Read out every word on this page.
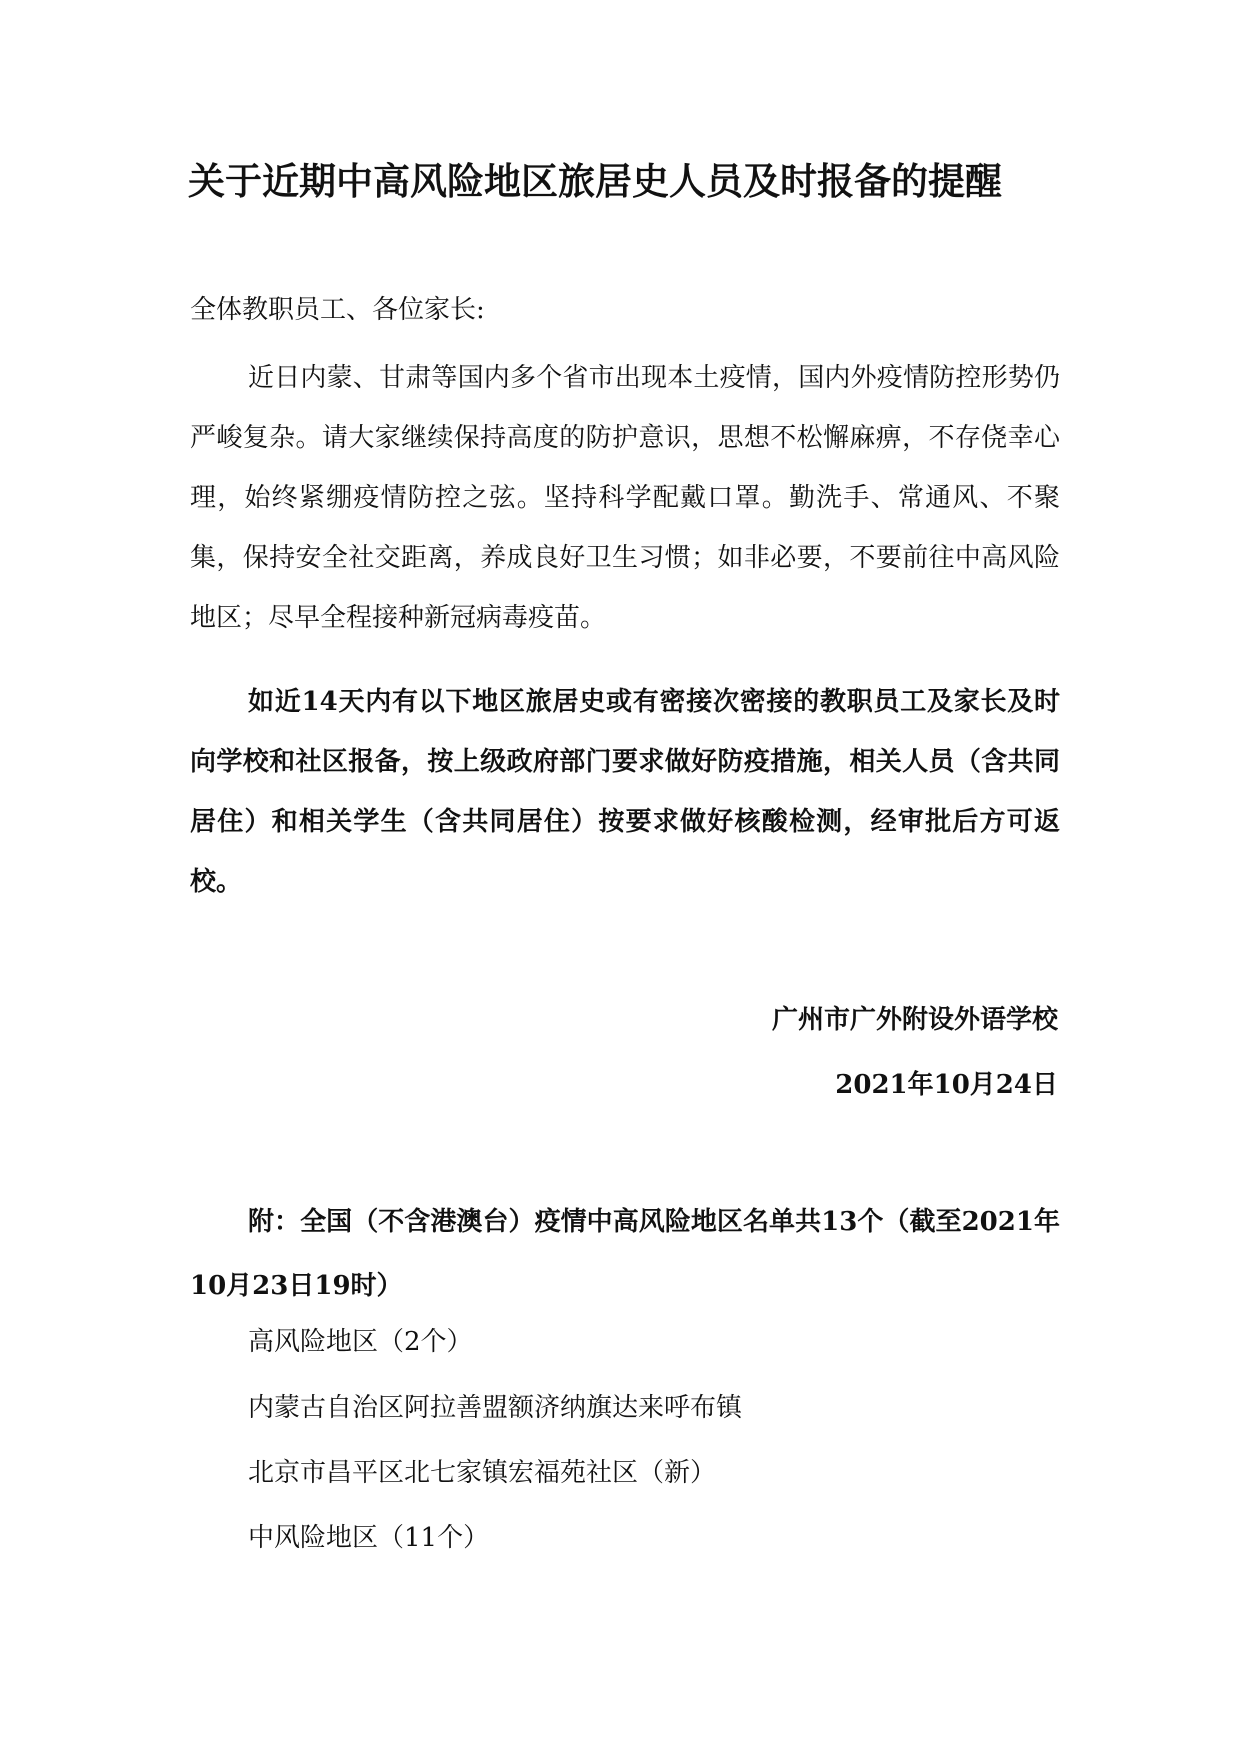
关于近期中高风险地区旅居史人员及时报备的提醒
全体教职员工、各位家长:

近日内蒙、甘肃等国内多个省市出现本土疫情，国内外疫情防控形势仍严峻复杂。请大家继续保持高度的防护意识，思想不松懈麻痹，不存侥幸心理，始终紧绷疫情防控之弦。坚持科学配戴口罩。勤洗手、常通风、不聚集，保持安全社交距离，养成良好卫生习惯；如非必要，不要前往中高风险地区；尽早全程接种新冠病毒疫苗。

如近14天内有以下地区旅居史或有密接次密接的教职员工及家长及时向学校和社区报备，按上级政府部门要求做好防疫措施，相关人员（含共同居住）和相关学生（含共同居住）按要求做好核酸检测，经审批后方可返校。

广州市广外附设外语学校
2021年10月24日

附：全国（不含港澳台）疫情中高风险地区名单共13个（截至2021年10月23日19时）

高风险地区（2个）
内蒙古自治区阿拉善盟额济纳旗达来呼布镇
北京市昌平区北七家镇宏福苑社区（新）
中风险地区（11个）
